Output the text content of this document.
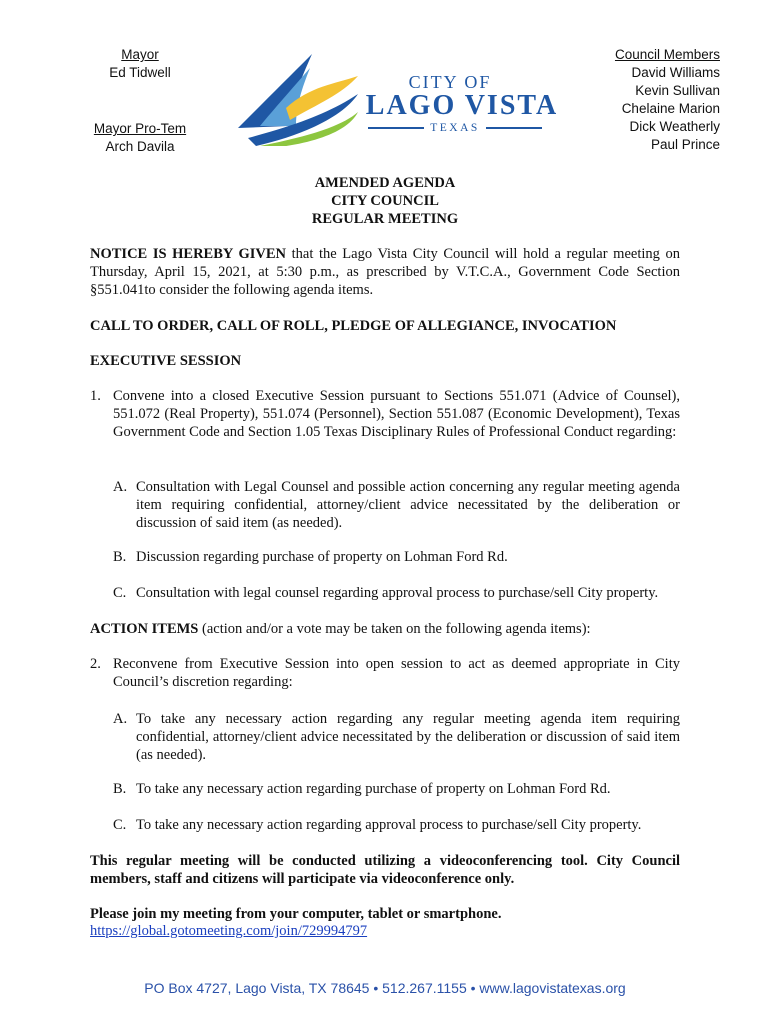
Mayor
Ed Tidwell
Mayor Pro-Tem
Arch Davila
CITY OF
LAGO VISTA
TEXAS
Council Members
David Williams
Kevin Sullivan
Chelaine Marion
Dick Weatherly
Paul Prince
AMENDED AGENDA
CITY COUNCIL
REGULAR MEETING
NOTICE IS HEREBY GIVEN that the Lago Vista City Council will hold a regular meeting on Thursday, April 15, 2021, at 5:30 p.m., as prescribed by V.T.C.A., Government Code Section §551.041to consider the following agenda items.
CALL TO ORDER, CALL OF ROLL, PLEDGE OF ALLEGIANCE, INVOCATION
EXECUTIVE SESSION
1. Convene into a closed Executive Session pursuant to Sections 551.071 (Advice of Counsel), 551.072 (Real Property), 551.074 (Personnel), Section 551.087 (Economic Development), Texas Government Code and Section 1.05 Texas Disciplinary Rules of Professional Conduct regarding:
A. Consultation with Legal Counsel and possible action concerning any regular meeting agenda item requiring confidential, attorney/client advice necessitated by the deliberation or discussion of said item (as needed).
B. Discussion regarding purchase of property on Lohman Ford Rd.
C. Consultation with legal counsel regarding approval process to purchase/sell City property.
ACTION ITEMS (action and/or a vote may be taken on the following agenda items):
2. Reconvene from Executive Session into open session to act as deemed appropriate in City Council’s discretion regarding:
A. To take any necessary action regarding any regular meeting agenda item requiring confidential, attorney/client advice necessitated by the deliberation or discussion of said item (as needed).
B. To take any necessary action regarding purchase of property on Lohman Ford Rd.
C. To take any necessary action regarding approval process to purchase/sell City property.
This regular meeting will be conducted utilizing a videoconferencing tool. City Council members, staff and citizens will participate via videoconference only.
Please join my meeting from your computer, tablet or smartphone.
https://global.gotomeeting.com/join/729994797
PO Box 4727, Lago Vista, TX 78645 • 512.267.1155 • www.lagovistatexas.org
